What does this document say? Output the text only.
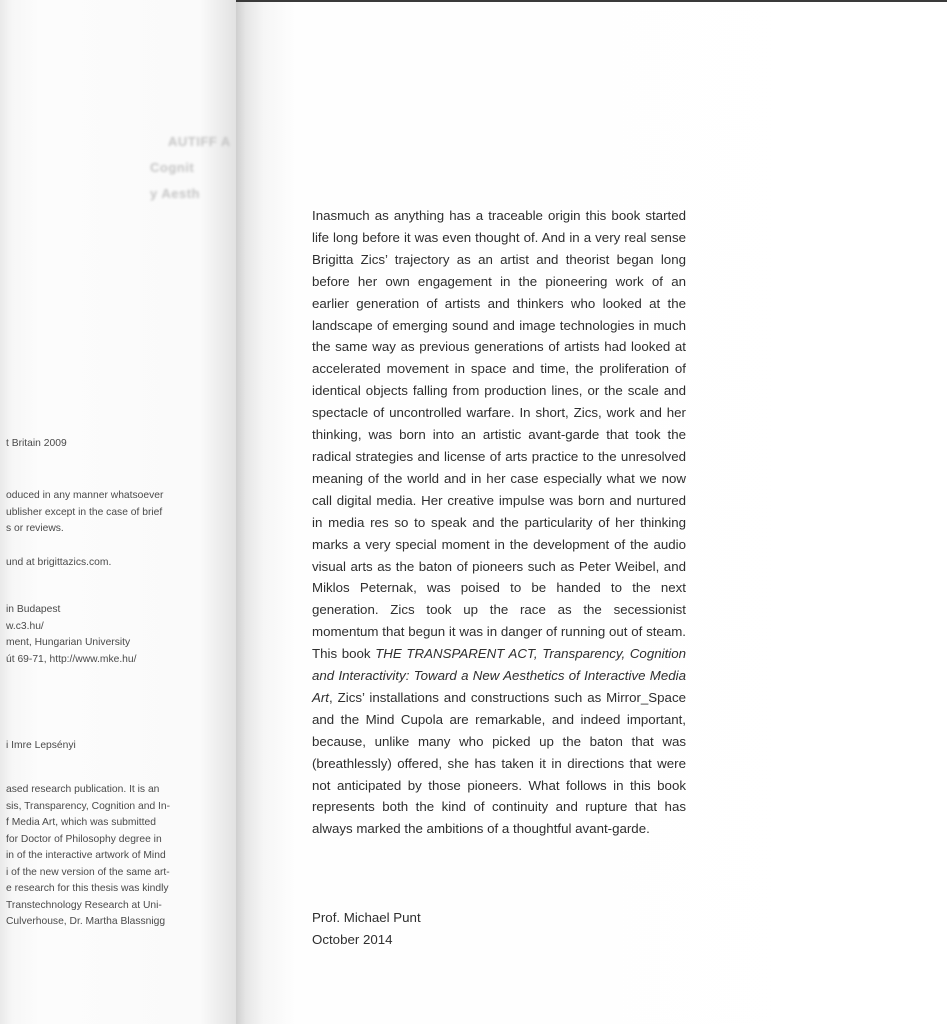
AUTIFF A
Cognit
y Aesth
t Britain 2009
oduced in any manner whatsoever
ublisher except in the case of brief
s or reviews.
und at brigittazics.com.
in Budapest
w.c3.hu/
ment, Hungarian University
út 69-71, http://www.mke.hu/
i Imre Lepsényi
ased research publication. It is an
sis, Transparency, Cognition and In-
f Media Art, which was submitted
for Doctor of Philosophy degree in
in of the interactive artwork of Mind
i of the new version of the same art-
e research for this thesis was kindly
Transtechnology Research at Uni-
Culverhouse, Dr. Martha Blassnigg
Inasmuch as anything has a traceable origin this book started life long before it was even thought of. And in a very real sense Brigitta Zics’ trajectory as an artist and theorist began long before her own engagement in the pioneering work of an earlier generation of artists and thinkers who looked at the landscape of emerging sound and image technologies in much the same way as previous generations of artists had looked at accelerated movement in space and time, the proliferation of identical objects falling from production lines, or the scale and spectacle of uncontrolled warfare. In short, Zics, work and her thinking, was born into an artistic avant-garde that took the radical strategies and license of arts practice to the unresolved meaning of the world and in her case especially what we now call digital media. Her creative impulse was born and nurtured in media res so to speak and the particularity of her thinking marks a very special moment in the development of the audio visual arts as the baton of pioneers such as Peter Weibel, and Miklos Peternak, was poised to be handed to the next generation. Zics took up the race as the secessionist momentum that begun it was in danger of running out of steam. This book THE TRANSPARENT ACT, Transparency, Cognition and Interactivity: Toward a New Aesthetics of Interactive Media Art, Zics’ installations and constructions such as Mirror_Space and the Mind Cupola are remarkable, and indeed important, because, unlike many who picked up the baton that was (breathlessly) offered, she has taken it in directions that were not anticipated by those pioneers. What follows in this book represents both the kind of continuity and rupture that has always marked the ambitions of a thoughtful avant-garde.
Prof. Michael Punt
October 2014
